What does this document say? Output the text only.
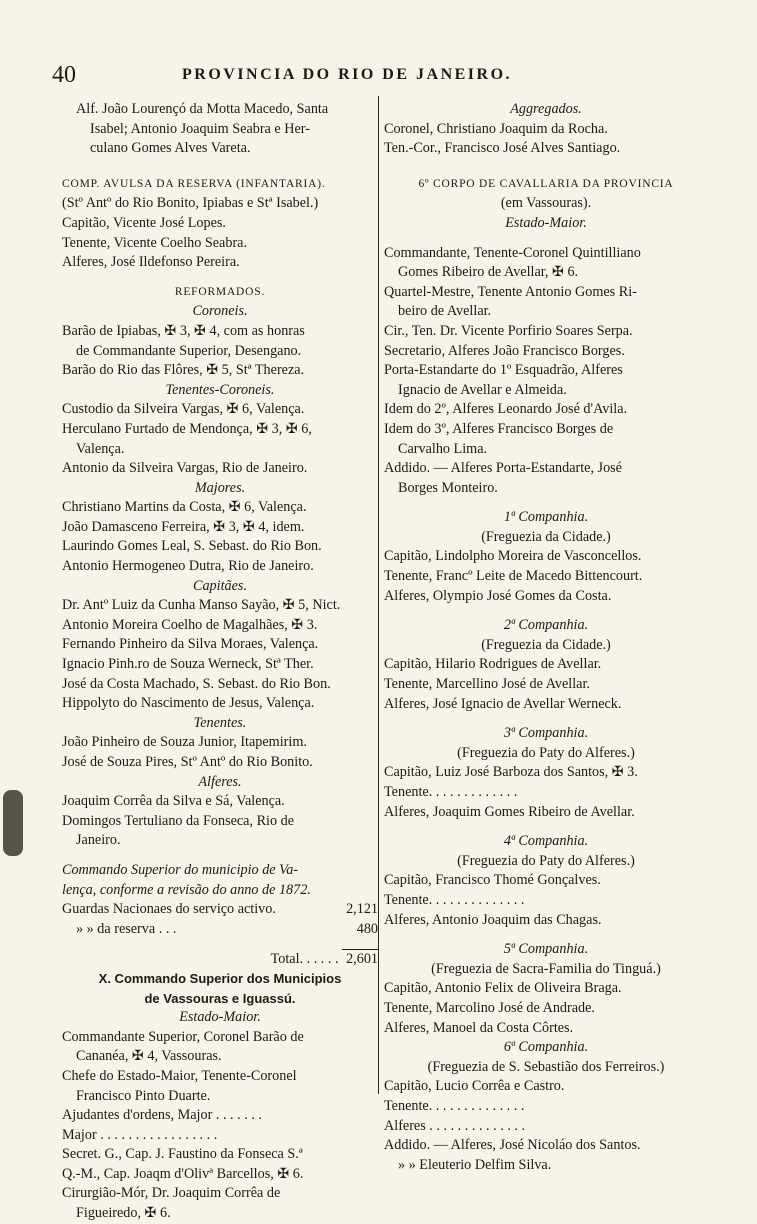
40	PROVINCIA DO RIO DE JANEIRO.
Alf. João Lourençó da Motta Macedo, Santa
Isabel; Antonio Joaquim Seabra e Her-
culano Gomes Alves Vareta.
COMP. AVULSA DA RESERVA (INFANTARIA).
(Stº Antº do Rio Bonito, Ipiabas e Stª Isabel.)
Capitão, Vicente José Lopes.
Tenente, Vicente Coelho Seabra.
Alferes, José Ildefonso Pereira.
REFORMADOS.
Coroneis.
Barão de Ipiabas, ✠ 3, ✠ 4, com as honras
de Commandante Superior, Desengano.
Barão do Rio das Flôres, ✠ 5, Stª Thereza.
Tenentes-Coroneis.
Custodio da Silveira Vargas, ✠ 6, Valença.
Herculano Furtado de Mendonça, ✠ 3, ✠ 6,
Valença.
Antonio da Silveira Vargas, Rio de Janeiro.
Majores.
Christiano Martins da Costa, ✠ 6, Valença.
João Damasceno Ferreira, ✠ 3, ✠ 4, idem.
Laurindo Gomes Leal, S. Sebast. do Rio Bon.
Antonio Hermogeneo Dutra, Rio de Janeiro.
Capitães.
Dr. Antº Luiz da Cunha Manso Sayão, ✠ 5, Nict.
Antonio Moreira Coelho de Magalhães, ✠ 3.
Fernando Pinheiro da Silva Moraes, Valença.
Ignacio Pinh.ro de Souza Werneck, Stª Ther.
José da Costa Machado, S. Sebast. do Rio Bon.
Hippolyto do Nascimento de Jesus, Valença.
Tenentes.
João Pinheiro de Souza Junior, Itapemirim.
José de Souza Pires, Stº Antº do Rio Bonito.
Alferes.
Joaquim Corrêa da Silva e Sá, Valença.
Domingos Tertuliano da Fonseca, Rio de
Janeiro.
Commando Superior do municipio de Va-
lença, conforme a revisão do anno de 1872.
Guardas Nacionaes do serviço activo.	2,121
» » da reserva . . .	480
Total. . . . . . 2,601
X. Commando Superior dos Municipios
de Vassouras e Iguassú.
Estado-Maior.
Commandante Superior, Coronel Barão de
Cananéa, ✠ 4, Vassouras.
Chefe do Estado-Maior, Tenente-Coronel
Francisco Pinto Duarte.
Ajudantes d'ordens, Major . . . . . . .
Major . . . . . . . . . . . . . . . . .
Secret. G., Cap. J. Faustino da Fonseca S.ª
Q.-M., Cap. Joaqm d'Olivª Barcellos, ✠ 6.
Cirurgião-Mór, Dr. Joaquim Corrêa de
Figueiredo, ✠ 6.
Aggregados.
Coronel, Christiano Joaquim da Rocha.
Ten.-Cor., Francisco José Alves Santiago.
6º CORPO DE CAVALLARIA DA PROVINCIA
(em Vassouras).
Estado-Maior.
Commandante, Tenente-Coronel Quintilliano
Gomes Ribeiro de Avellar, ✠ 6.
Quartel-Mestre, Tenente Antonio Gomes Ri-
beiro de Avellar.
Cir., Ten. Dr. Vicente Porfirio Soares Serpa.
Secretario, Alferes João Francisco Borges.
Porta-Estandarte do 1º Esquadrão, Alferes
Ignacio de Avellar e Almeida.
Idem do 2º, Alferes Leonardo José d'Avila.
Idem do 3º, Alferes Francisco Borges de
Carvalho Lima.
Addido. — Alferes Porta-Estandarte, José
Borges Monteiro.
1ª Companhia.
(Freguezia da Cidade.)
Capitão, Lindolpho Moreira de Vasconcellos.
Tenente, Francº Leite de Macedo Bittencourt.
Alferes, Olympio José Gomes da Costa.
2ª Companhia.
(Freguezia da Cidade.)
Capitão, Hilario Rodrigues de Avellar.
Tenente, Marcellino José de Avellar.
Alferes, José Ignacio de Avellar Werneck.
3ª Companhia.
(Freguezia do Paty do Alferes.)
Capitão, Luiz José Barboza dos Santos, ✠ 3.
Tenente. . . . . . . . . . . . .
Alferes, Joaquim Gomes Ribeiro de Avellar.
4ª Companhia.
(Freguezia do Paty do Alferes.)
Capitão, Francisco Thomé Gonçalves.
Tenente. . . . . . . . . . . . . .
Alferes, Antonio Joaquim das Chagas.
5ª Companhia.
(Freguezia de Sacra-Familia do Tinguá.)
Capitão, Antonio Felix de Oliveira Braga.
Tenente, Marcolino José de Andrade.
Alferes, Manoel da Costa Côrtes.
6ª Companhia.
(Freguezia de S. Sebastião dos Ferreiros.)
Capitão, Lucio Corrêa e Castro.
Tenente. . . . . . . . . . . . . .
Alferes . . . . . . . . . . . . . .
Addido. — Alferes, José Nicoláo dos Santos.
» » Eleuterio Delfim Silva.
